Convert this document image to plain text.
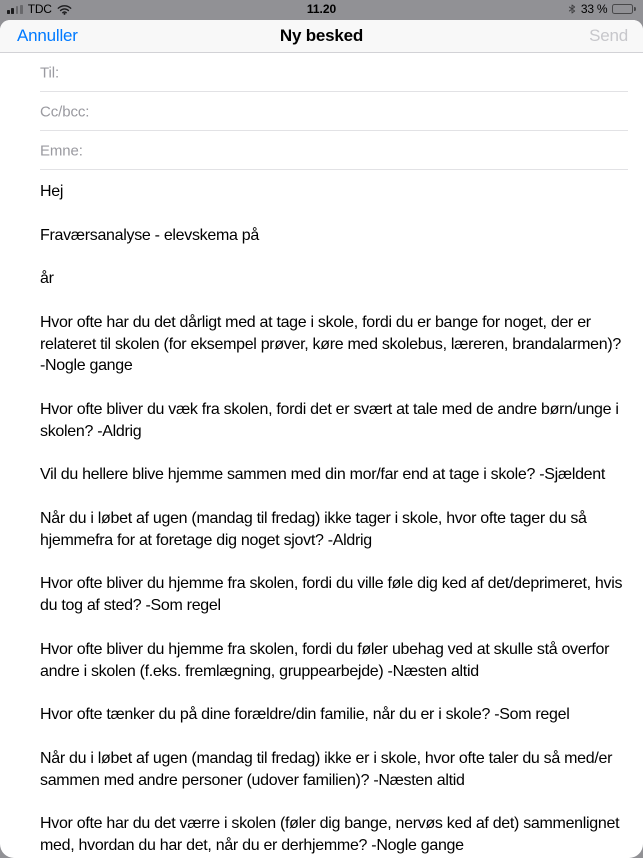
TDC	11.20	33 %
Annuller	Ny besked	Send
Til:
Cc/bcc:
Emne:

Hej

Fraværsanalyse - elevskema på

år

Hvor ofte har du det dårligt med at tage i skole, fordi du er bange for noget, der er relateret til skolen (for eksempel prøver, køre med skolebus, læreren, brandalarmen)? -Nogle gange

Hvor ofte bliver du væk fra skolen, fordi det er svært at tale med de andre børn/unge i skolen? -Aldrig

Vil du hellere blive hjemme sammen med din mor/far end at tage i skole? -Sjældent

Når du i løbet af ugen (mandag til fredag) ikke tager i skole, hvor ofte tager du så hjemmefra for at foretage dig noget sjovt? -Aldrig

Hvor ofte bliver du hjemme fra skolen, fordi du ville føle dig ked af det/deprimeret, hvis du tog af sted? -Som regel

Hvor ofte bliver du hjemme fra skolen, fordi du føler ubehag ved at skulle stå overfor andre i skolen (f.eks. fremlægning, gruppearbejde) -Næsten altid

Hvor ofte tænker du på dine forældre/din familie, når du er i skole? -Som regel

Når du i løbet af ugen (mandag til fredag) ikke er i skole, hvor ofte taler du så med/er sammen med andre personer (udover familien)? -Næsten altid

Hvor ofte har du det værre i skolen (føler dig bange, nervøs ked af det) sammenlignet med, hvordan du har det, når du er derhjemme? -Nogle gange
